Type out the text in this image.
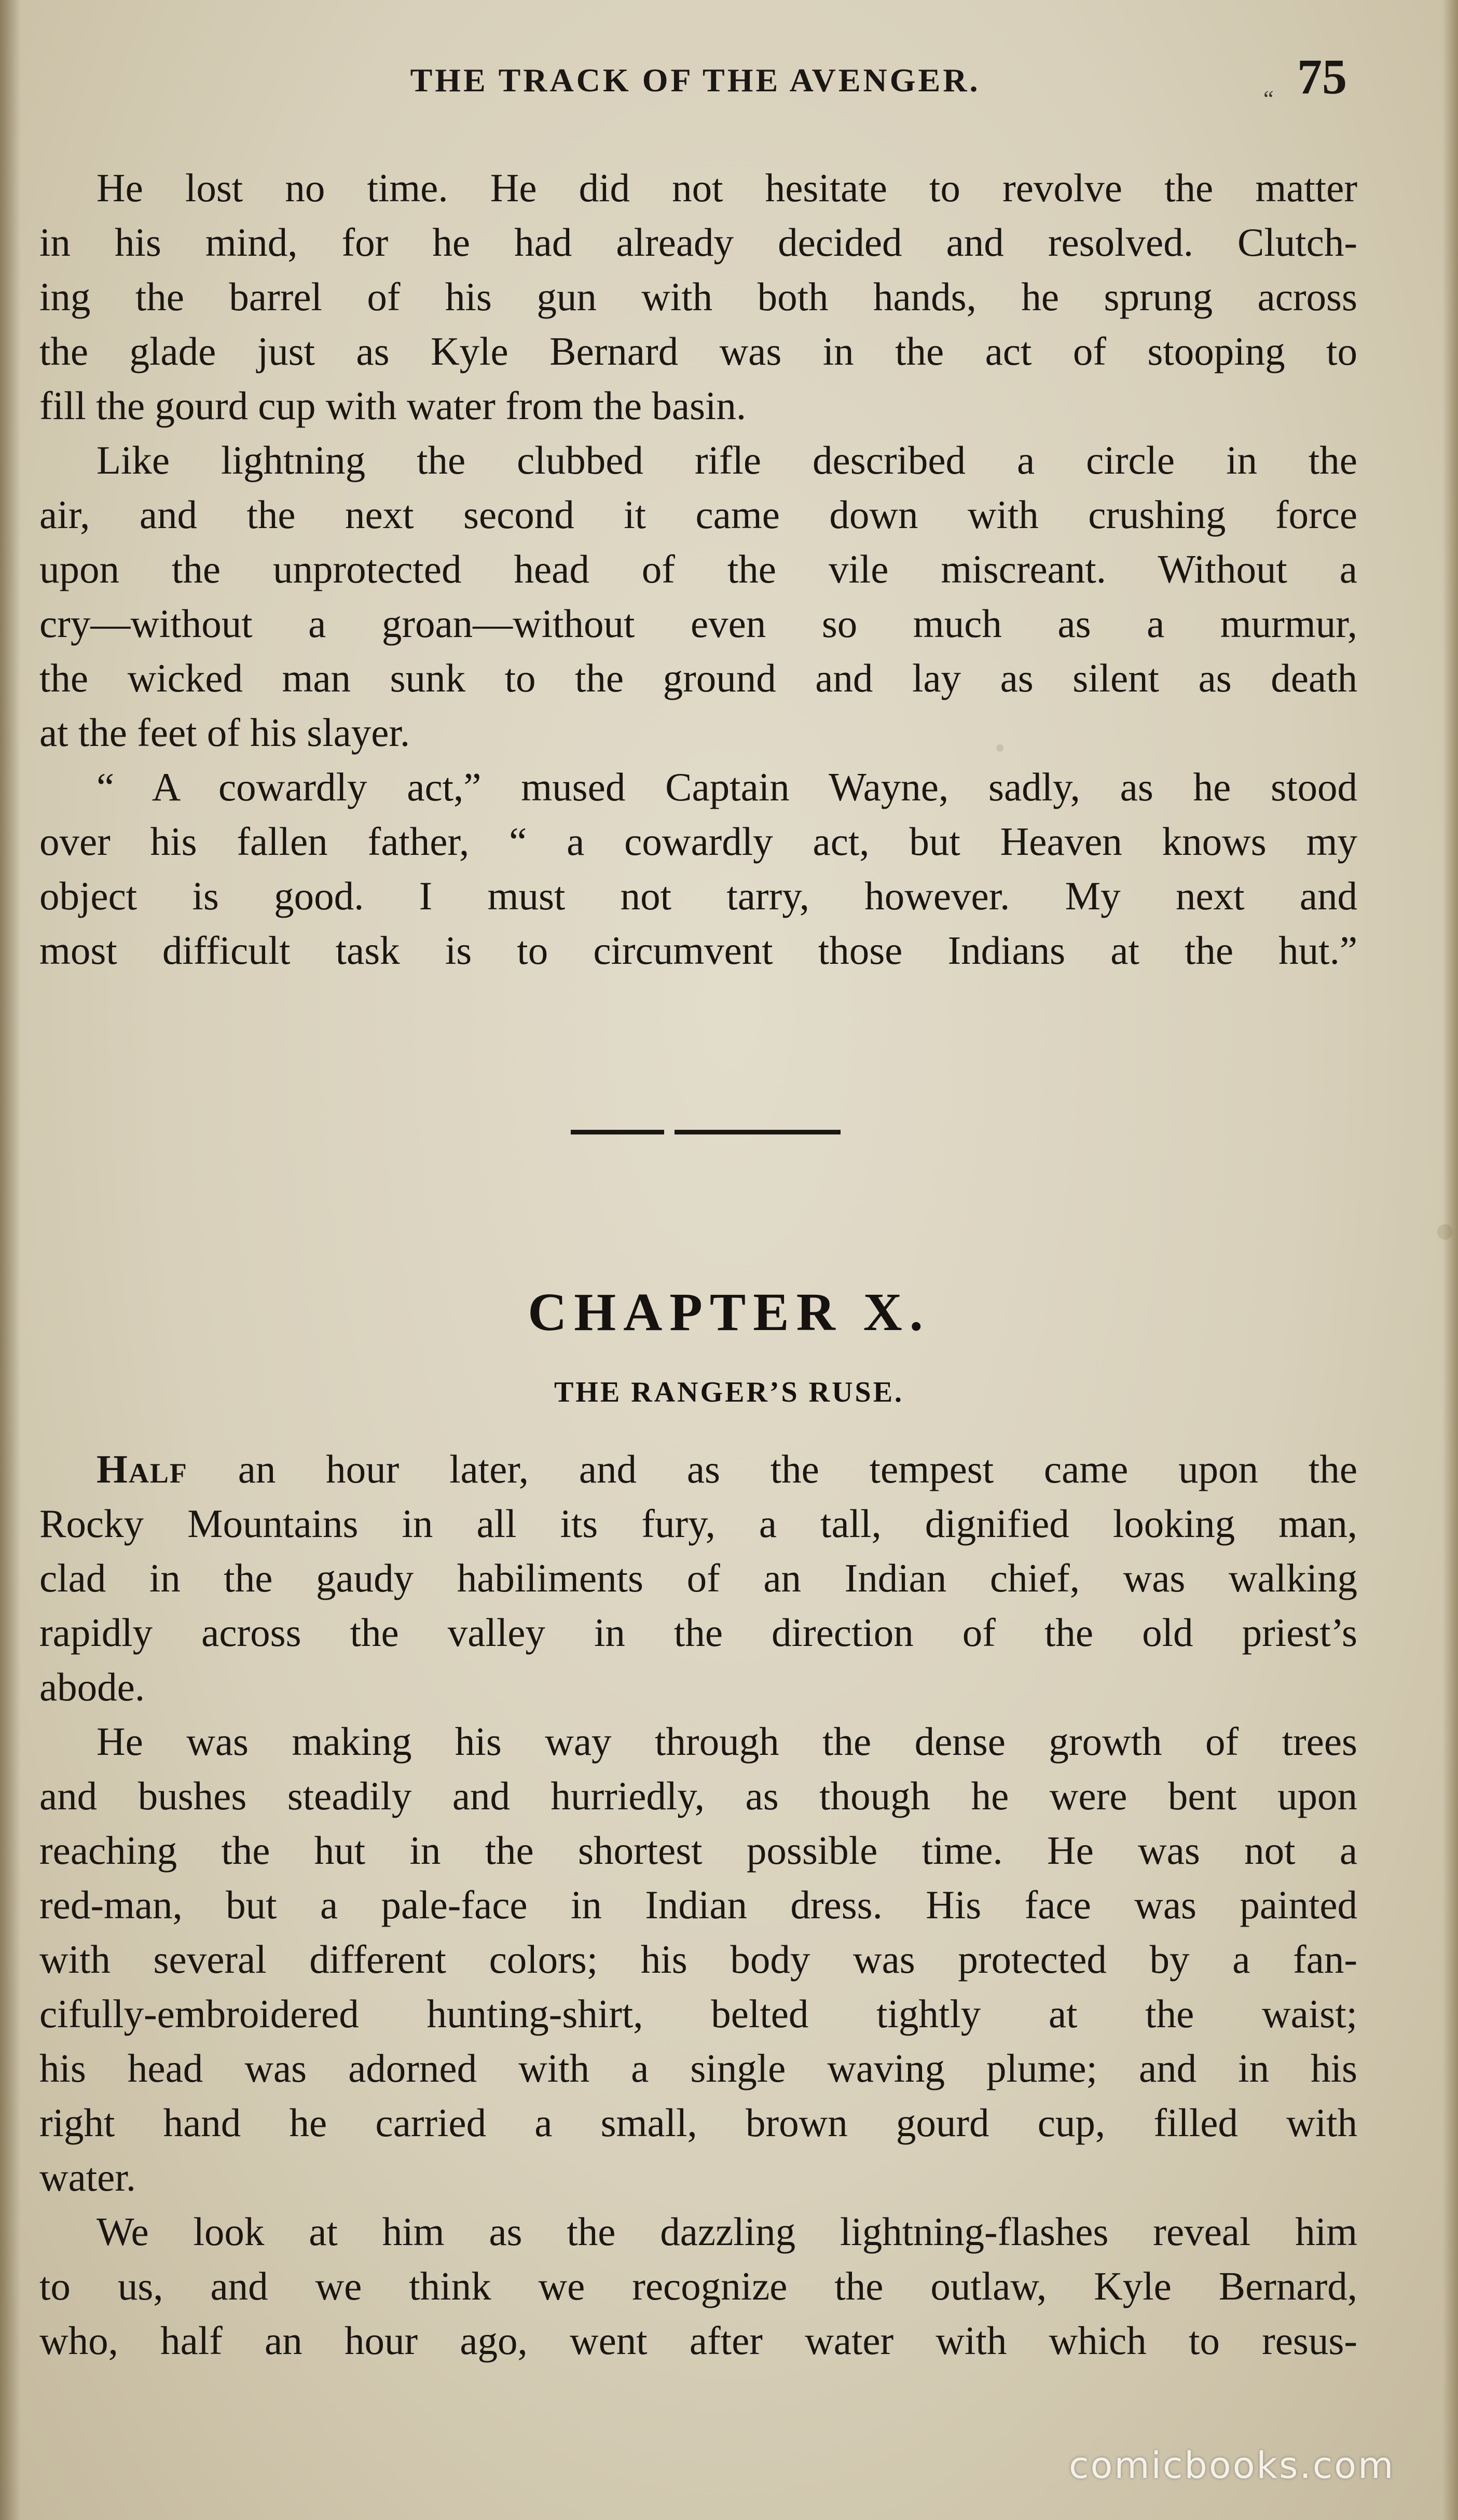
THE TRACK OF THE AVENGER.
“ 75
He lost no time. He did not hesitate to revolve the matter
in his mind, for he had already decided and resolved. Clutch-
ing the barrel of his gun with both hands, he sprung across
the glade just as Kyle Bernard was in the act of stooping to
fill the gourd cup with water from the basin.
Like lightning the clubbed rifle described a circle in the
air, and the next second it came down with crushing force
upon the unprotected head of the vile miscreant. Without a
cry—without a groan—without even so much as a murmur,
the wicked man sunk to the ground and lay as silent as death
at the feet of his slayer.
“ A cowardly act,” mused Captain Wayne, sadly, as he stood
over his fallen father, “ a cowardly act, but Heaven knows my
object is good. I must not tarry, however. My next and
most difficult task is to circumvent those Indians at the hut.”
CHAPTER X.
THE RANGER’S RUSE.
Half an hour later, and as the tempest came upon the
Rocky Mountains in all its fury, a tall, dignified looking man,
clad in the gaudy habiliments of an Indian chief, was walking
rapidly across the valley in the direction of the old priest’s
abode.
He was making his way through the dense growth of trees
and bushes steadily and hurriedly, as though he were bent upon
reaching the hut in the shortest possible time. He was not a
red-man, but a pale-face in Indian dress. His face was painted
with several different colors; his body was protected by a fan-
cifully-embroidered hunting-shirt, belted tightly at the waist;
his head was adorned with a single waving plume; and in his
right hand he carried a small, brown gourd cup, filled with
water.
We look at him as the dazzling lightning-flashes reveal him
to us, and we think we recognize the outlaw, Kyle Bernard,
who, half an hour ago, went after water with which to resus-
comicbooks.com
